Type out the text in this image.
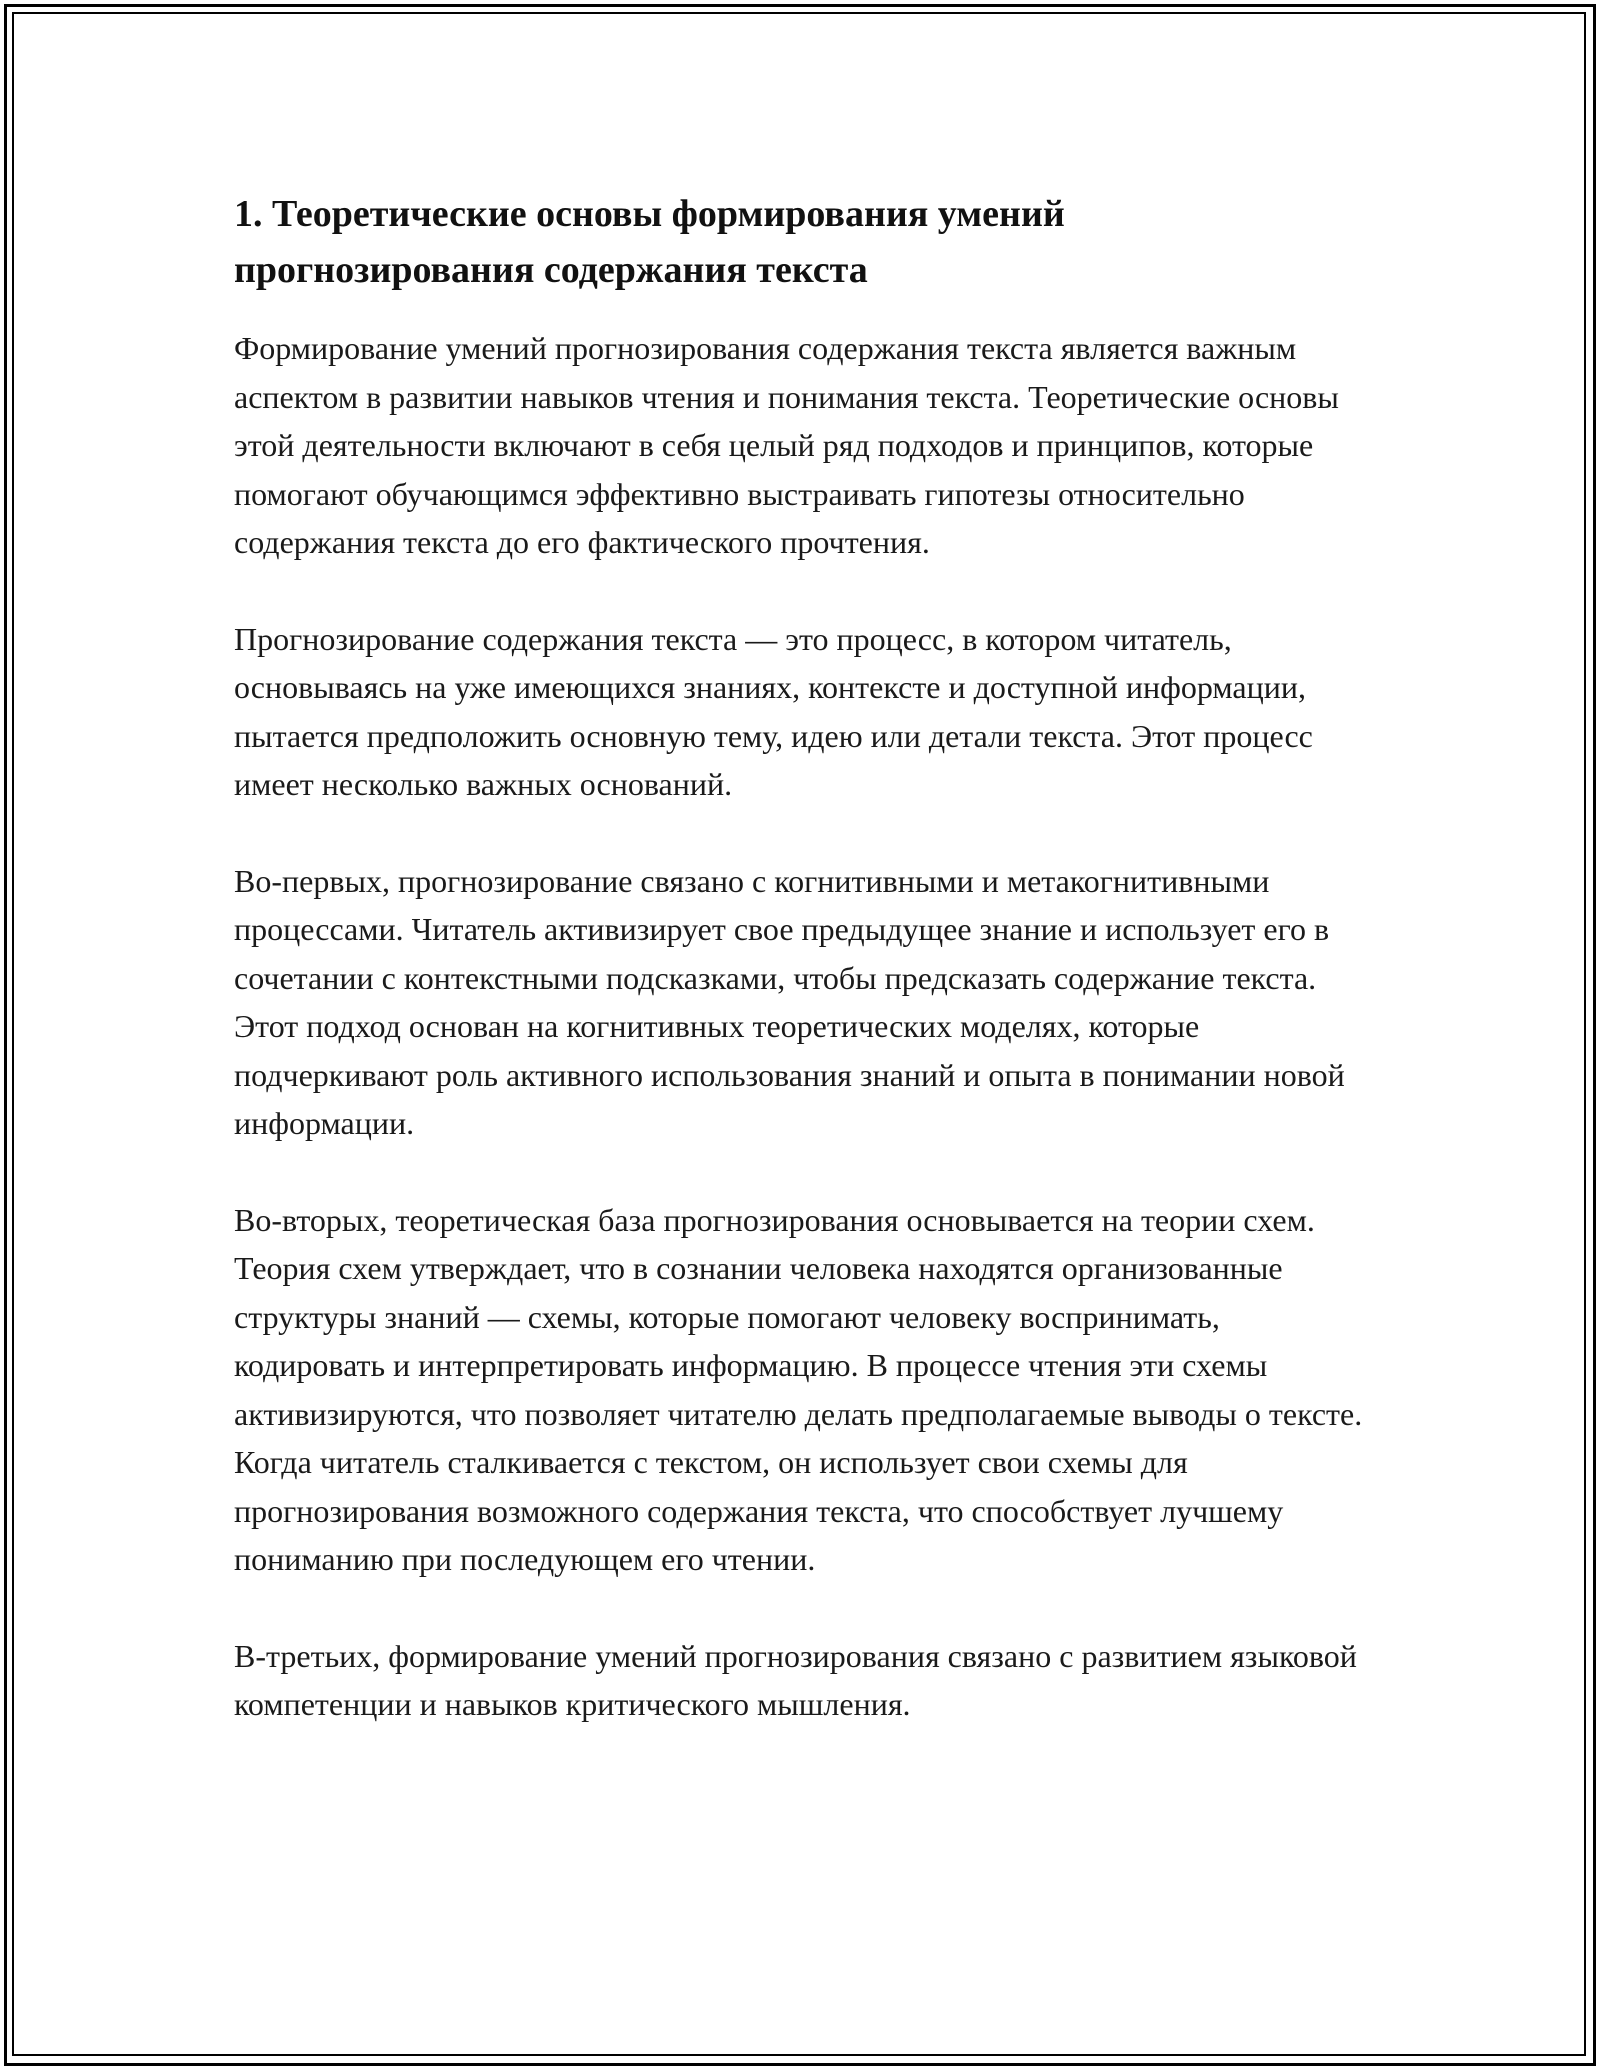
1. Теоретические основы формирования умений
прогнозирования содержания текста

Формирование умений прогнозирования содержания текста является важным аспектом в развитии навыков чтения и понимания текста. Теоретические основы этой деятельности включают в себя целый ряд подходов и принципов, которые помогают обучающимся эффективно выстраивать гипотезы относительно содержания текста до его фактического прочтения.

Прогнозирование содержания текста — это процесс, в котором читатель, основываясь на уже имеющихся знаниях, контексте и доступной информации, пытается предположить основную тему, идею или детали текста. Этот процесс имеет несколько важных оснований.

Во-первых, прогнозирование связано с когнитивными и метакогнитивными процессами. Читатель активизирует свое предыдущее знание и использует его в сочетании с контекстными подсказками, чтобы предсказать содержание текста. Этот подход основан на когнитивных теоретических моделях, которые подчеркивают роль активного использования знаний и опыта в понимании новой информации.

Во-вторых, теоретическая база прогнозирования основывается на теории схем. Теория схем утверждает, что в сознании человека находятся организованные структуры знаний — схемы, которые помогают человеку воспринимать, кодировать и интерпретировать информацию. В процессе чтения эти схемы активизируются, что позволяет читателю делать предполагаемые выводы о тексте. Когда читатель сталкивается с текстом, он использует свои схемы для прогнозирования возможного содержания текста, что способствует лучшему пониманию при последующем его чтении.

В-третьих, формирование умений прогнозирования связано с развитием языковой компетенции и навыков критического мышления.
